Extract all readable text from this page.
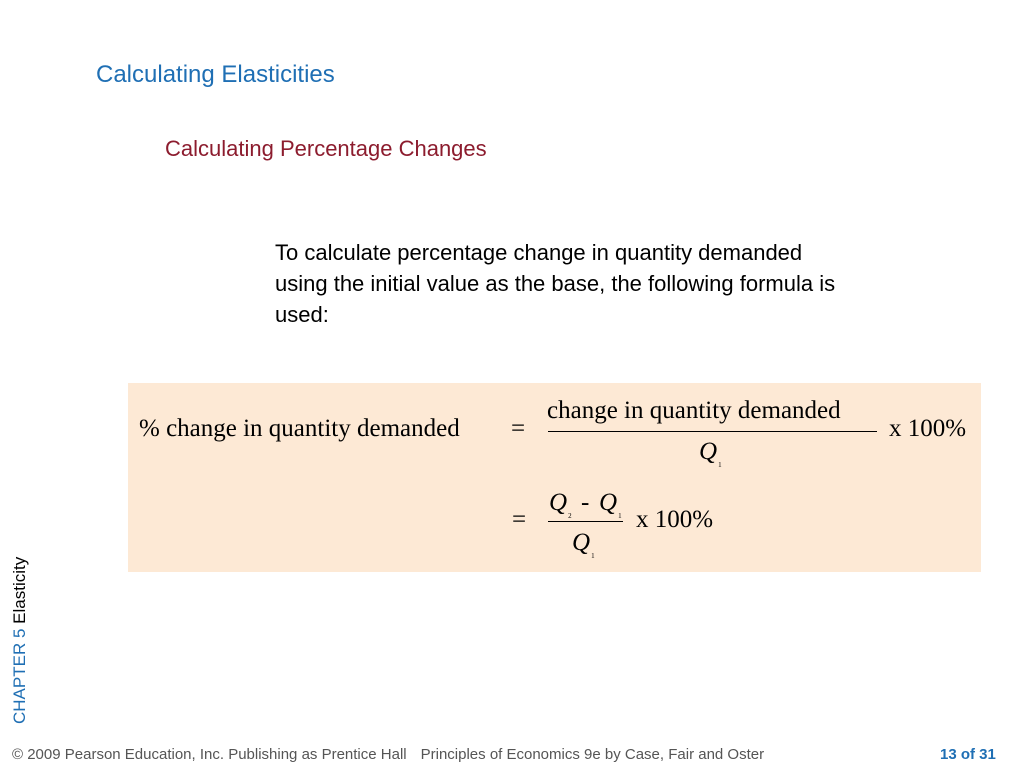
Calculating Elasticities
Calculating Percentage Changes
To calculate percentage change in quantity demanded using the initial value as the base, the following formula is used:
% change in quantity demanded =
change in quantity demanded
$Q_1$
x 100%
=
$Q_2 - Q_1$
$Q_1$
x 100%
CHAPTER 5 Elasticity
© 2009 Pearson Education, Inc. Publishing as Prentice Hall Principles of Economics 9e by Case, Fair and Oster	13 of 31
